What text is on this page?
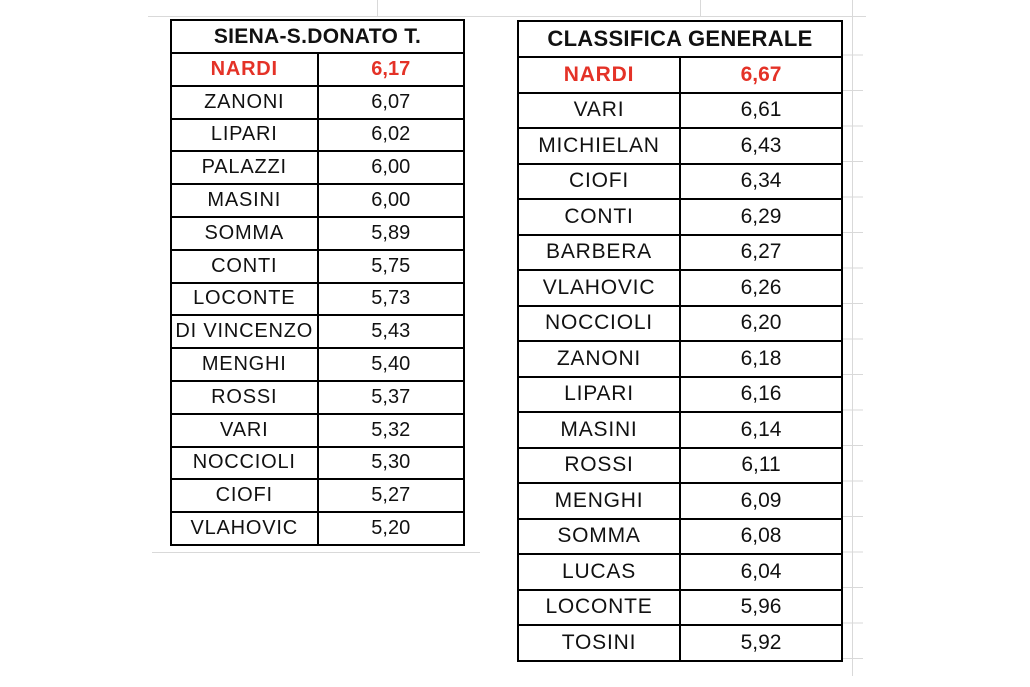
SIENA-S.DONATO T.	
NARDI	6,17
ZANONI	6,07
LIPARI	6,02
PALAZZI	6,00
MASINI	6,00
SOMMA	5,89
CONTI	5,75
LOCONTE	5,73
DI VINCENZO	5,43
MENGHI	5,40
ROSSI	5,37
VARI	5,32
NOCCIOLI	5,30
CIOFI	5,27
VLAHOVIC	5,20
CLASSIFICA GENERALE	
NARDI	6,67
VARI	6,61
MICHIELAN	6,43
CIOFI	6,34
CONTI	6,29
BARBERA	6,27
VLAHOVIC	6,26
NOCCIOLI	6,20
ZANONI	6,18
LIPARI	6,16
MASINI	6,14
ROSSI	6,11
MENGHI	6,09
SOMMA	6,08
LUCAS	6,04
LOCONTE	5,96
TOSINI	5,92
